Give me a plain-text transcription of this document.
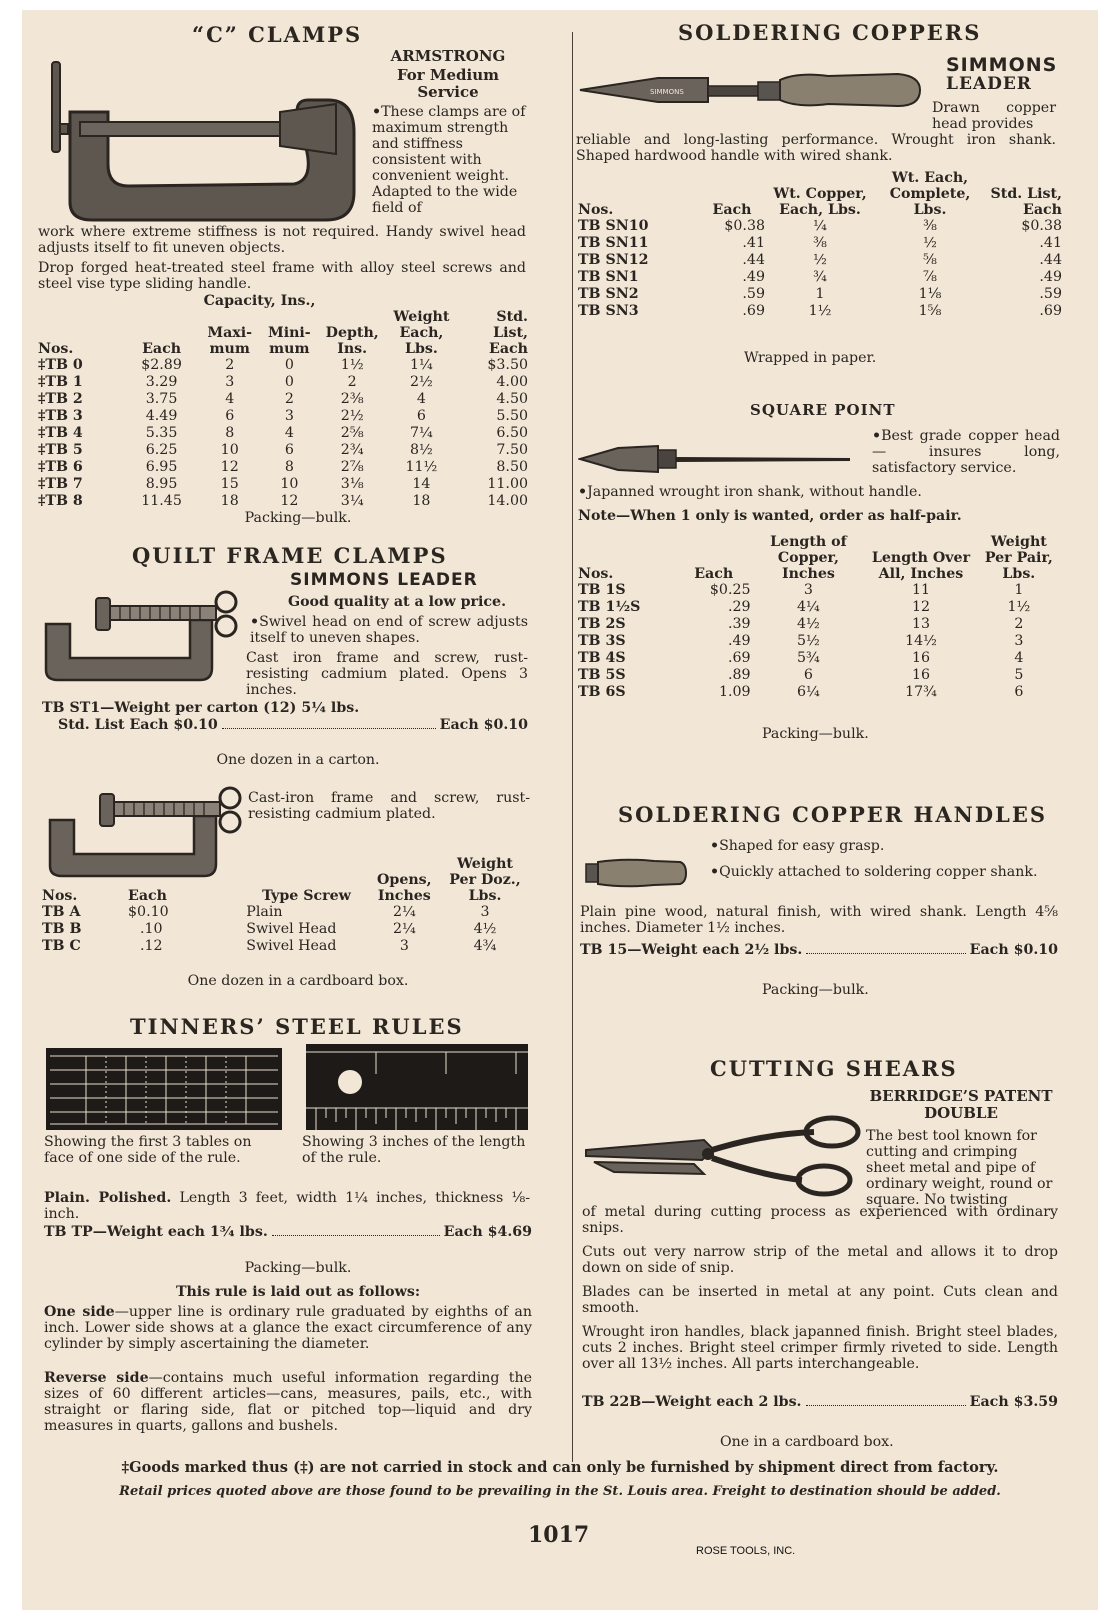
“C” CLAMPS
ARMSTRONG
For Medium Service
• These clamps are of maximum strength and stiffness consistent with convenient weight. Adapted to the wide field of
work where extreme stiffness is not required. Handy swivel head adjusts itself to fit uneven objects.
Drop forged heat-treated steel frame with alloy steel screws and steel vise type sliding handle.
		Capacity, Ins.,				
Nos.	Each	Maxi- mum	Mini- mum	Depth, Ins.	Weight Each, Lbs.	Std. List, Each
‡TB 0	$2.89	2	0	1½	1¼	$3.50
‡TB 1	3.29	3	0	2	2½	4.00
‡TB 2	3.75	4	2	2⅜	4	4.50
‡TB 3	4.49	6	3	2½	6	5.50
‡TB 4	5.35	8	4	2⅝	7¼	6.50
‡TB 5	6.25	10	6	2¾	8½	7.50
‡TB 6	6.95	12	8	2⅞	11½	8.50
‡TB 7	8.95	15	10	3⅛	14	11.00
‡TB 8	11.45	18	12	3¼	18	14.00
Packing—bulk.
QUILT FRAME CLAMPS
SIMMONS LEADER
Good quality at a low price.
• Swivel head on end of screw adjusts itself to uneven shapes.
Cast iron frame and screw, rust-resisting cadmium plated. Opens 3 inches.
TB ST1—Weight per carton (12) 5¼ lbs.
Std. List Each $0.10	Each $0.10
One dozen in a carton.
Cast-iron frame and screw, rust-resisting cadmium plated.
Nos.	Each	Type Screw	Opens, Inches	Weight Per Doz., Lbs.
TB A	$0.10	Plain	2¼	3
TB B	.10	Swivel Head	2¼	4½
TB C	.12	Swivel Head	3	4¾
One dozen in a cardboard box.
TINNERS’ STEEL RULES
Showing the first 3 tables on face of one side of the rule.
Showing 3 inches of the length of the rule.
Plain. Polished. Length 3 feet, width 1¼ inches, thickness ⅛-inch.
TB TP—Weight each 1¾ lbs.	Each $4.69
Packing—bulk.
This rule is laid out as follows:
One side—upper line is ordinary rule graduated by eighths of an inch. Lower side shows at a glance the exact circumference of any cylinder by simply ascertaining the diameter.
Reverse side—contains much useful information regarding the sizes of 60 different articles—cans, measures, pails, etc., with straight or flaring side, flat or pitched top—liquid and dry measures in quarts, gallons and bushels.
SOLDERING COPPERS
SIMMONS
SIMMONS
LEADER
Drawn copper head provides
reliable and long-lasting performance. Wrought iron shank. Shaped hardwood handle with wired shank.
Nos.	Each	Wt. Copper, Each, Lbs.	Wt. Each, Complete, Lbs.	Std. List, Each
TB SN10	$0.38	¼	⅜	$0.38
TB SN11	.41	⅜	½	.41
TB SN12	.44	½	⅝	.44
TB SN1	.49	¾	⅞	.49
TB SN2	.59	1	1⅛	.59
TB SN3	.69	1½	1⅝	.69
Wrapped in paper.
SQUARE POINT
• Best grade copper head — insures long, satisfactory service.
• Japanned wrought iron shank, without handle.
Note—When 1 only is wanted, order as half-pair.
Nos.	Each	Length of Copper, Inches	Length Over All, Inches	Weight Per Pair, Lbs.
TB 1S	$0.25	3	11	1
TB 1½S	.29	4¼	12	1½
TB 2S	.39	4½	13	2
TB 3S	.49	5½	14½	3
TB 4S	.69	5¾	16	4
TB 5S	.89	6	16	5
TB 6S	1.09	6¼	17¾	6
Packing—bulk.
SOLDERING COPPER HANDLES
• Shaped for easy grasp.
• Quickly attached to soldering copper shank.
Plain pine wood, natural finish, with wired shank. Length 4⅝ inches. Diameter 1½ inches.
TB 15—Weight each 2½ lbs.	Each $0.10
Packing—bulk.
CUTTING SHEARS
BERRIDGE’S PATENT DOUBLE
The best tool known for cutting and crimping sheet metal and pipe of ordinary weight, round or square. No twisting
of metal during cutting process as experienced with ordinary snips.
Cuts out very narrow strip of the metal and allows it to drop down on side of snip.
Blades can be inserted in metal at any point. Cuts clean and smooth.
Wrought iron handles, black japanned finish. Bright steel blades, cuts 2 inches. Bright steel crimper firmly riveted to side. Length over all 13½ inches. All parts interchangeable.
TB 22B—Weight each 2 lbs.	Each $3.59
One in a cardboard box.
‡Goods marked thus (‡) are not carried in stock and can only be furnished by shipment direct from factory.
Retail prices quoted above are those found to be prevailing in the St. Louis area. Freight to destination should be added.
1017
ROSE TOOLS, INC.
